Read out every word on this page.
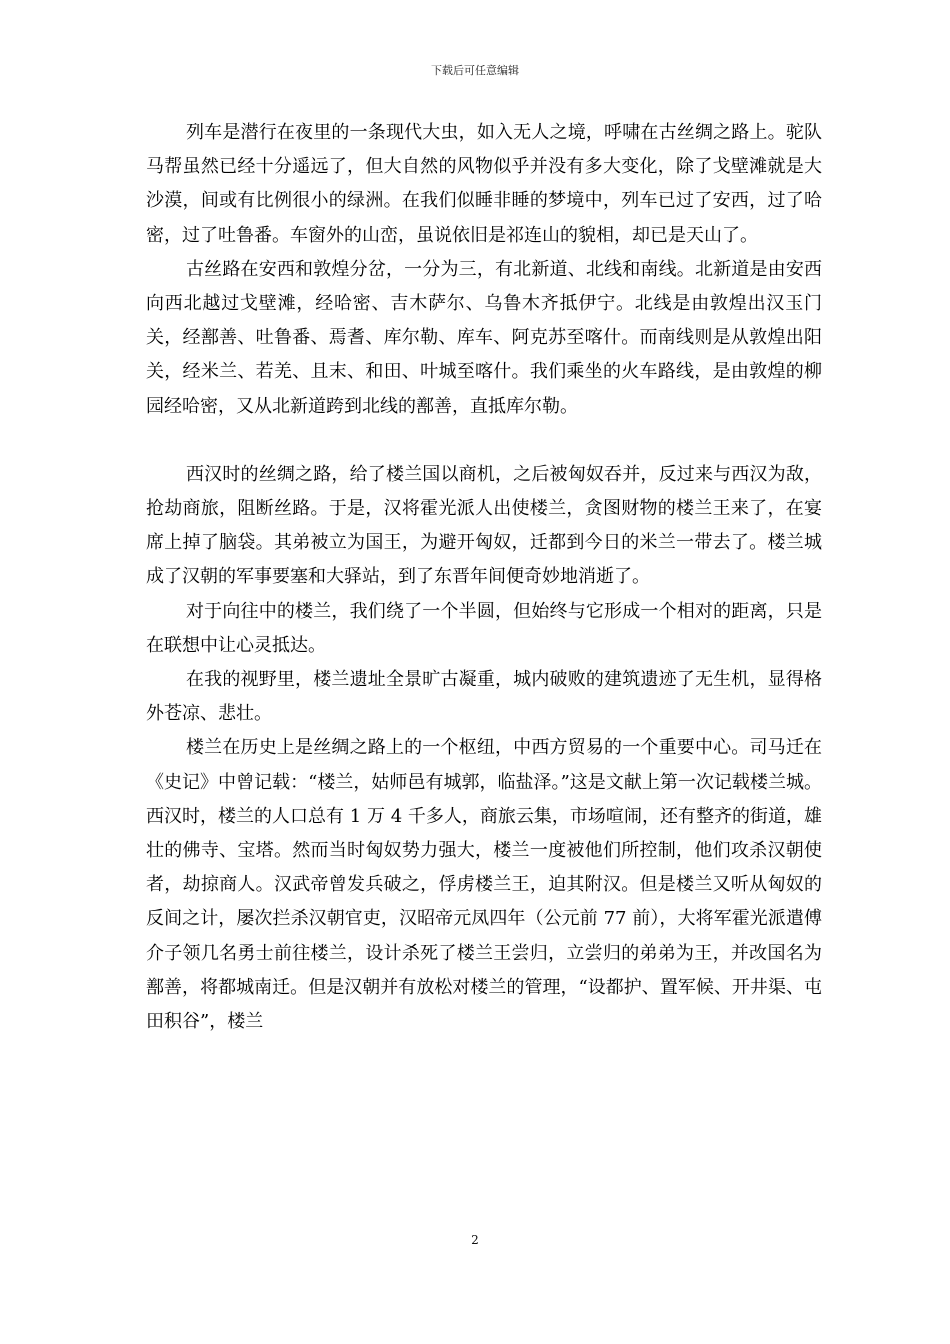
下载后可任意编辑

列车是潜行在夜里的一条现代大虫，如入无人之境，呼啸在古丝绸之路上。驼队马帮虽然已经十分遥远了，但大自然的风物似乎并没有多大变化，除了戈壁滩就是大沙漠，间或有比例很小的绿洲。在我们似睡非睡的梦境中，列车已过了安西，过了哈密，过了吐鲁番。车窗外的山峦，虽说依旧是祁连山的貌相，却已是天山了。

古丝路在安西和敦煌分岔，一分为三，有北新道、北线和南线。北新道是由安西向西北越过戈壁滩，经哈密、吉木萨尔、乌鲁木齐抵伊宁。北线是由敦煌出汉玉门关，经鄯善、吐鲁番、焉耆、库尔勒、库车、阿克苏至喀什。而南线则是从敦煌出阳关，经米兰、若羌、且末、和田、叶城至喀什。我们乘坐的火车路线，是由敦煌的柳园经哈密，又从北新道跨到北线的鄯善，直抵库尔勒。

西汉时的丝绸之路，给了楼兰国以商机，之后被匈奴吞并，反过来与西汉为敌，抢劫商旅，阻断丝路。于是，汉将霍光派人出使楼兰，贪图财物的楼兰王来了，在宴席上掉了脑袋。其弟被立为国王，为避开匈奴，迁都到今日的米兰一带去了。楼兰城成了汉朝的军事要塞和大驿站，到了东晋年间便奇妙地消逝了。

对于向往中的楼兰，我们绕了一个半圆，但始终与它形成一个相对的距离，只是在联想中让心灵抵达。

在我的视野里，楼兰遗址全景旷古凝重，城内破败的建筑遗迹了无生机，显得格外苍凉、悲壮。

楼兰在历史上是丝绸之路上的一个枢纽，中西方贸易的一个重要中心。司马迁在《史记》中曾记载：“楼兰，姑师邑有城郭，临盐泽。”这是文献上第一次记载楼兰城。西汉时，楼兰的人口总有 1 万 4 千多人，商旅云集，市场喧闹，还有整齐的街道，雄壮的佛寺、宝塔。然而当时匈奴势力强大，楼兰一度被他们所控制，他们攻杀汉朝使者，劫掠商人。汉武帝曾发兵破之，俘虏楼兰王，迫其附汉。但是楼兰又听从匈奴的反间之计，屡次拦杀汉朝官吏，汉昭帝元凤四年（公元前 77 前），大将军霍光派遣傅介子领几名勇士前往楼兰，设计杀死了楼兰王尝归，立尝归的弟弟为王，并改国名为鄯善，将都城南迁。但是汉朝并有放松对楼兰的管理，“设都护、置军候、开井渠、屯田积谷”，楼兰

2
